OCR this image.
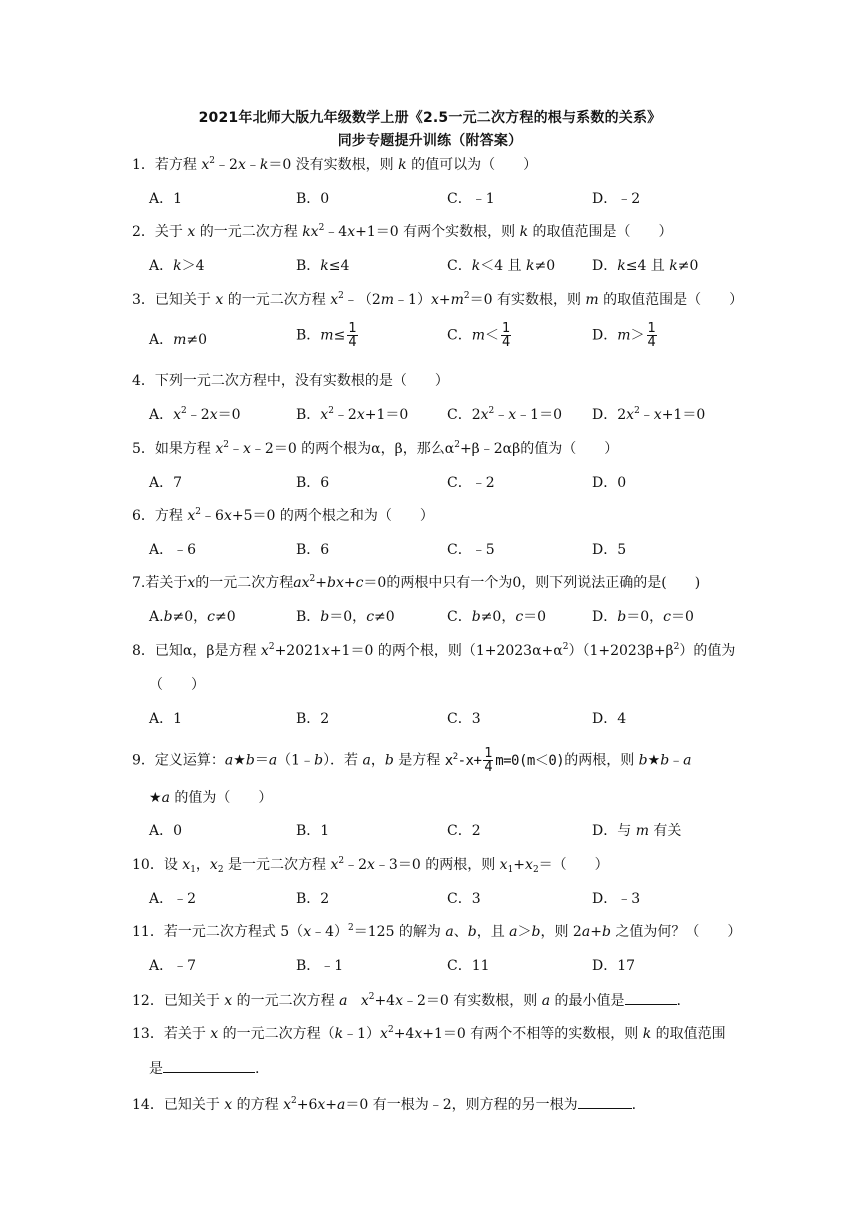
2021年北师大版九年级数学上册《2.5一元二次方程的根与系数的关系》
同步专题提升训练（附答案）
1．若方程 $x^2﹣2x﹣k=0$ 没有实数根，则 k 的值可以为（　　）
A．1	B．0	C．﹣1	D．﹣2
2．关于 x 的一元二次方程 $kx^2﹣4x+1=0$ 有两个实数根，则 k 的取值范围是（　　）
A．k＞4	B．k≤4	C．k＜4 且 k≠0	D．k≤4 且 k≠0
3．已知关于 x 的一元二次方程 $x^2﹣(2m﹣1)x+m^2=0$ 有实数根，则 m 的取值范围是（　　）
A．m≠0	B．$m\le \frac{1}{4}$	C．$m< \frac{1}{4}$	D．$m> \frac{1}{4}$
4．下列一元二次方程中，没有实数根的是（　　）
A．$x^2﹣2x=0$	B．$x^2﹣2x+1=0$	C．$2x^2﹣x﹣1=0$ D．$2x^2﹣x+1=0$
5．如果方程 $x^2﹣x﹣2=0$ 的两个根为α，β，那么$\alpha^2+\beta﹣2\alpha\beta$的值为（　　）
A．7	B．6	C．﹣2	D．0
6．方程 $x^2﹣6x+5=0$ 的两个根之和为（　　）
A．﹣6	B．6	C．﹣5	D．5
7.若关于x的一元二次方程$ax^2+bx+c=0$的两根中只有一个为0，则下列说法正确的是(　　)
A.b≠0，c≠0	B．b＝0，c≠0	C．b≠0，c＝0	D．b＝0，c＝0
8．已知α，β是方程 $x^2+2021x+1=0$ 的两个根，则$(1+2023\alpha+\alpha^2)(1+2023\beta+\beta^2)$的值为
（　　）
A．1	B．2	C．3	D．4
9．定义运算：a★b＝a（1﹣b）．若 a，b 是方程 $x^2-x+ \frac{1}{4} m=0(m<0)$的两根，则 b★b﹣a
★a 的值为（　　）
A．0	B．1	C．2	D．与 m 有关
10．设 $x_1$，$x_2$ 是一元二次方程 $x^2﹣2x﹣3=0$ 的两根，则 $x_1+x_2=$（　　）
A．﹣2	B．2	C．3	D．﹣3
11．若一元二次方程式 5（x﹣4）$^2$＝125 的解为 a、b，且 a＞b，则 2a+b 之值为何？（　　）
A．﹣7	B．﹣1	C．11	D．17
12．已知关于 x 的一元二次方程 a $x^2+4x﹣2=0$ 有实数根，则 a 的最小值是	.
13．若关于 x 的一元二次方程$(k﹣1)x^2+4x+1=0$ 有两个不相等的实数根，则 k 的取值范围
是	.
14．已知关于 x 的方程 $x^2+6x+a=0$ 有一根为﹣2，则方程的另一根为	.
